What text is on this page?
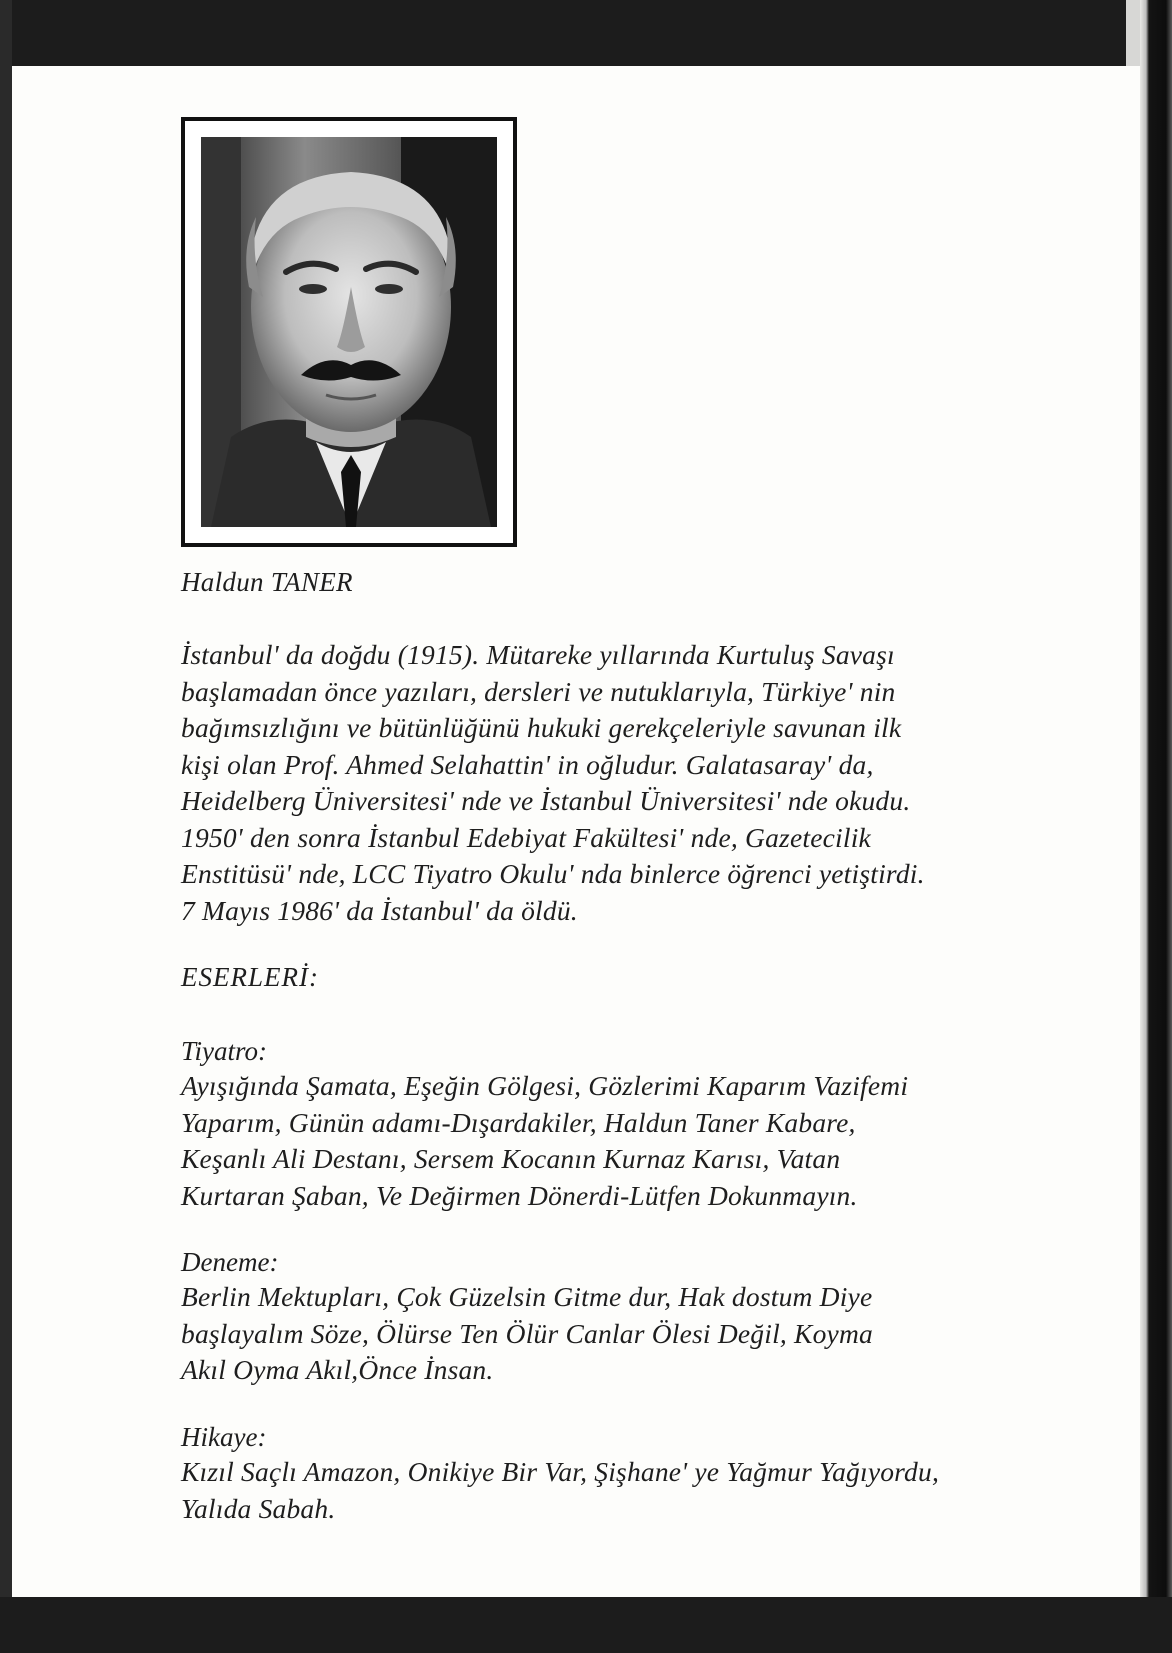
Haldun TANER
İstanbul' da doğdu (1915). Mütareke yıllarında Kurtuluş Savaşı
başlamadan önce yazıları, dersleri ve nutuklarıyla, Türkiye' nin
bağımsızlığını ve bütünlüğünü hukuki gerekçeleriyle savunan ilk
kişi olan Prof. Ahmed Selahattin' in oğludur. Galatasaray' da,
Heidelberg Üniversitesi' nde ve İstanbul Üniversitesi' nde okudu.
1950' den sonra İstanbul Edebiyat Fakültesi' nde, Gazetecilik
Enstitüsü' nde, LCC Tiyatro Okulu' nda binlerce öğrenci yetiştirdi.
7 Mayıs 1986' da İstanbul' da öldü.
ESERLERİ:
Tiyatro:
Ayışığında Şamata, Eşeğin Gölgesi, Gözlerimi Kaparım Vazifemi
Yaparım, Günün adamı-Dışardakiler, Haldun Taner Kabare,
Keşanlı Ali Destanı, Sersem Kocanın Kurnaz Karısı, Vatan
Kurtaran Şaban, Ve Değirmen Dönerdi-Lütfen Dokunmayın.
Deneme:
Berlin Mektupları, Çok Güzelsin Gitme dur, Hak dostum Diye
başlayalım Söze, Ölürse Ten Ölür Canlar Ölesi Değil, Koyma
Akıl Oyma Akıl,Önce İnsan.
Hikaye:
Kızıl Saçlı Amazon, Onikiye Bir Var, Şişhane' ye Yağmur Yağıyordu,
Yalıda Sabah.
